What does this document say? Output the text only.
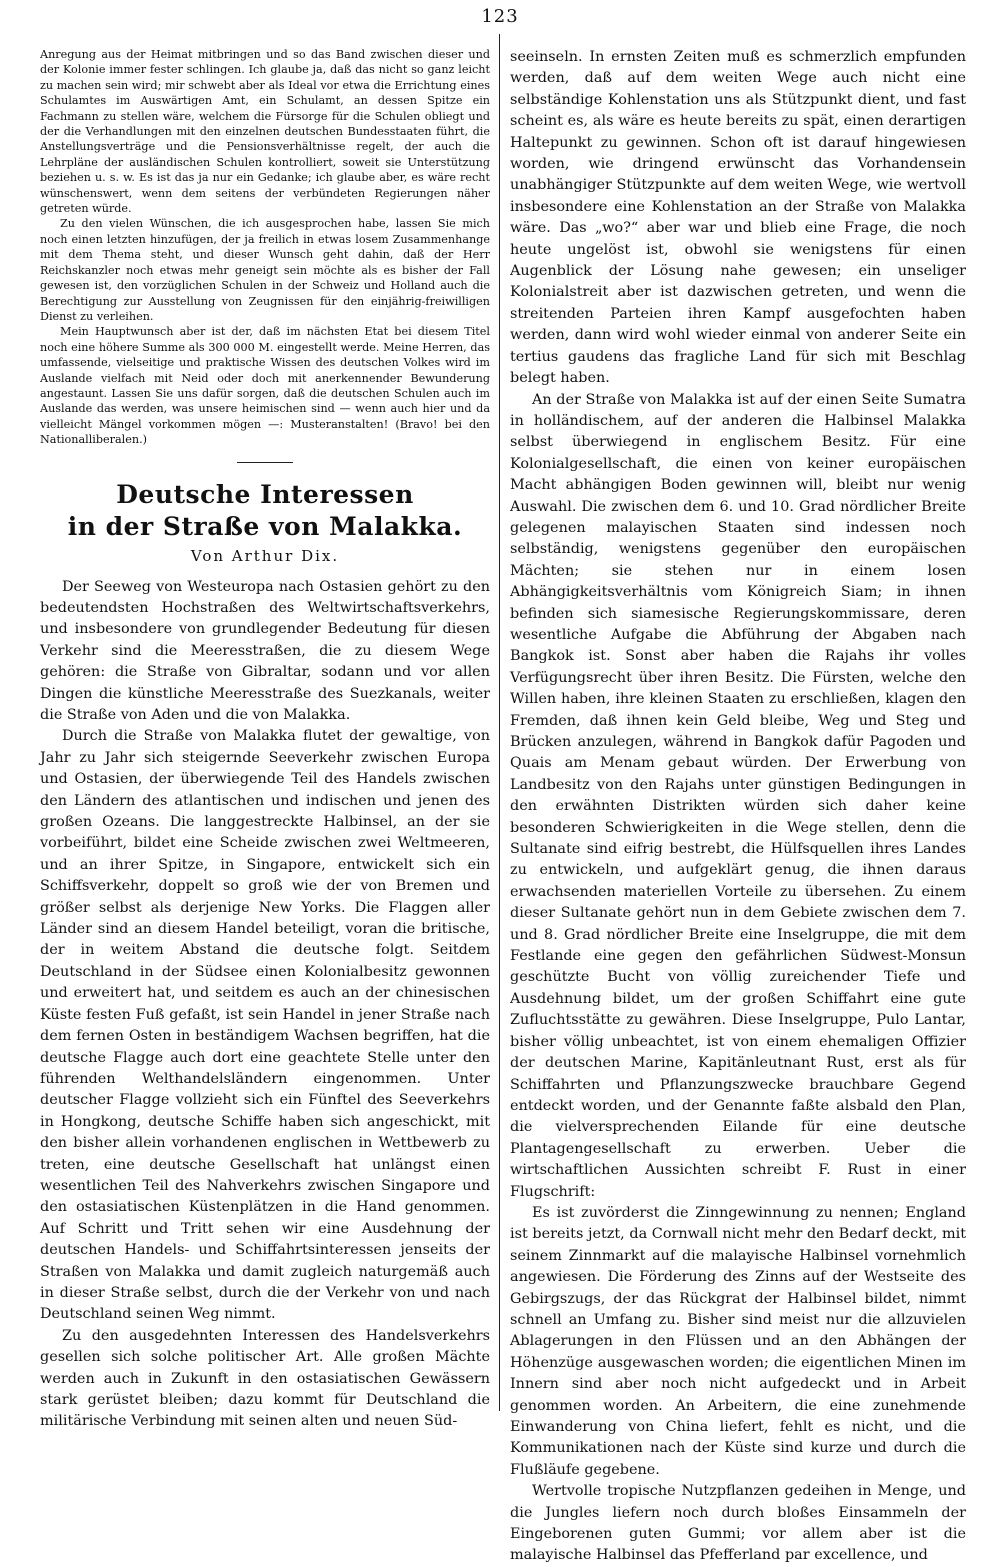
123

Anregung aus der Heimat mitbringen und so das Band zwischen dieser und der Kolonie immer fester schlingen. Ich glaube ja, daß das nicht so ganz leicht zu machen sein wird; mir schwebt aber als Ideal vor etwa die Errichtung eines Schulamtes im Auswärtigen Amt, ein Schulamt, an dessen Spitze ein Fachmann zu stellen wäre, welchem die Fürsorge für die Schulen obliegt und der die Verhandlungen mit den einzelnen deutschen Bundesstaaten führt, die Anstellungsverträge und die Pensionsverhältnisse regelt, der auch die Lehrpläne der ausländischen Schulen kontrolliert, soweit sie Unterstützung beziehen u. s. w. Es ist das ja nur ein Gedanke; ich glaube aber, es wäre recht wünschenswert, wenn dem seitens der verbündeten Regierungen näher getreten würde.

Zu den vielen Wünschen, die ich ausgesprochen habe, lassen Sie mich noch einen letzten hinzufügen, der ja freilich in etwas losem Zusammenhange mit dem Thema steht, und dieser Wunsch geht dahin, daß der Herr Reichskanzler noch etwas mehr geneigt sein möchte als es bisher der Fall gewesen ist, den vorzüglichen Schulen in der Schweiz und Holland auch die Berechtigung zur Ausstellung von Zeugnissen für den einjährig-freiwilligen Dienst zu verleihen.

Mein Hauptwunsch aber ist der, daß im nächsten Etat bei diesem Titel noch eine höhere Summe als 300 000 M. eingestellt werde. Meine Herren, das umfassende, vielseitige und praktische Wissen des deutschen Volkes wird im Auslande vielfach mit Neid oder doch mit anerkennender Bewunderung angestaunt. Lassen Sie uns dafür sorgen, daß die deutschen Schulen auch im Auslande das werden, was unsere heimischen sind — wenn auch hier und da vielleicht Mängel vorkommen mögen —: Musteranstalten! (Bravo! bei den Nationalliberalen.)

Deutsche Interessen

in der Straße von Malakka.

Von Arthur Dix.

Der Seeweg von Westeuropa nach Ostasien gehört zu den bedeutendsten Hochstraßen des Weltwirtschaftsverkehrs, und insbesondere von grundlegender Bedeutung für diesen Verkehr sind die Meeresstraßen, die zu diesem Wege gehören: die Straße von Gibraltar, sodann und vor allen Dingen die künstliche Meeresstraße des Suezkanals, weiter die Straße von Aden und die von Malakka.

Durch die Straße von Malakka flutet der gewaltige, von Jahr zu Jahr sich steigernde Seeverkehr zwischen Europa und Ostasien, der überwiegende Teil des Handels zwischen den Ländern des atlantischen und indischen und jenen des großen Ozeans. Die langgestreckte Halbinsel, an der sie vorbeiführt, bildet eine Scheide zwischen zwei Weltmeeren, und an ihrer Spitze, in Singapore, entwickelt sich ein Schiffsverkehr, doppelt so groß wie der von Bremen und größer selbst als derjenige New Yorks. Die Flaggen aller Länder sind an diesem Handel beteiligt, voran die britische, der in weitem Abstand die deutsche folgt. Seitdem Deutschland in der Südsee einen Kolonialbesitz gewonnen und erweitert hat, und seitdem es auch an der chinesischen Küste festen Fuß gefaßt, ist sein Handel in jener Straße nach dem fernen Osten in beständigem Wachsen begriffen, hat die deutsche Flagge auch dort eine geachtete Stelle unter den führenden Welthandelsländern eingenommen. Unter deutscher Flagge vollzieht sich ein Fünftel des Seeverkehrs in Hongkong, deutsche Schiffe haben sich angeschickt, mit den bisher allein vorhandenen englischen in Wettbewerb zu treten, eine deutsche Gesellschaft hat unlängst einen wesentlichen Teil des Nahverkehrs zwischen Singapore und den ostasiatischen Küstenplätzen in die Hand genommen. Auf Schritt und Tritt sehen wir eine Ausdehnung der deutschen Handels- und Schiffahrtsinteressen jenseits der Straßen von Malakka und damit zugleich naturgemäß auch in dieser Straße selbst, durch die der Verkehr von und nach Deutschland seinen Weg nimmt.

Zu den ausgedehnten Interessen des Handelsverkehrs gesellen sich solche politischer Art. Alle großen Mächte werden auch in Zukunft in den ostasiatischen Gewässern stark gerüstet bleiben; dazu kommt für Deutschland die militärische Verbindung mit seinen alten und neuen Süd-

seeinseln. In ernsten Zeiten muß es schmerzlich empfunden werden, daß auf dem weiten Wege auch nicht eine selbständige Kohlenstation uns als Stützpunkt dient, und fast scheint es, als wäre es heute bereits zu spät, einen derartigen Haltepunkt zu gewinnen. Schon oft ist darauf hingewiesen worden, wie dringend erwünscht das Vorhandensein unabhängiger Stützpunkte auf dem weiten Wege, wie wertvoll insbesondere eine Kohlenstation an der Straße von Malakka wäre. Das „wo?“ aber war und blieb eine Frage, die noch heute ungelöst ist, obwohl sie wenigstens für einen Augenblick der Lösung nahe gewesen; ein unseliger Kolonialstreit aber ist dazwischen getreten, und wenn die streitenden Parteien ihren Kampf ausgefochten haben werden, dann wird wohl wieder einmal von anderer Seite ein tertius gaudens das fragliche Land für sich mit Beschlag belegt haben.

An der Straße von Malakka ist auf der einen Seite Sumatra in holländischem, auf der anderen die Halbinsel Malakka selbst überwiegend in englischem Besitz. Für eine Kolonialgesellschaft, die einen von keiner europäischen Macht abhängigen Boden gewinnen will, bleibt nur wenig Auswahl. Die zwischen dem 6. und 10. Grad nördlicher Breite gelegenen malayischen Staaten sind indessen noch selbständig, wenigstens gegenüber den europäischen Mächten; sie stehen nur in einem losen Abhängigkeitsverhältnis vom Königreich Siam; in ihnen befinden sich siamesische Regierungskommissare, deren wesentliche Aufgabe die Abführung der Abgaben nach Bangkok ist. Sonst aber haben die Rajahs ihr volles Verfügungsrecht über ihren Besitz. Die Fürsten, welche den Willen haben, ihre kleinen Staaten zu erschließen, klagen den Fremden, daß ihnen kein Geld bleibe, Weg und Steg und Brücken anzulegen, während in Bangkok dafür Pagoden und Quais am Menam gebaut würden. Der Erwerbung von Landbesitz von den Rajahs unter günstigen Bedingungen in den erwähnten Distrikten würden sich daher keine besonderen Schwierigkeiten in die Wege stellen, denn die Sultanate sind eifrig bestrebt, die Hülfsquellen ihres Landes zu entwickeln, und aufgeklärt genug, die ihnen daraus erwachsenden materiellen Vorteile zu übersehen. Zu einem dieser Sultanate gehört nun in dem Gebiete zwischen dem 7. und 8. Grad nördlicher Breite eine Inselgruppe, die mit dem Festlande eine gegen den gefährlichen Südwest-Monsun geschützte Bucht von völlig zureichender Tiefe und Ausdehnung bildet, um der großen Schiffahrt eine gute Zufluchtsstätte zu gewähren. Diese Inselgruppe, Pulo Lantar, bisher völlig unbeachtet, ist von einem ehemaligen Offizier der deutschen Marine, Kapitänleutnant Rust, erst als für Schiffahrten und Pflanzungszwecke brauchbare Gegend entdeckt worden, und der Genannte faßte alsbald den Plan, die vielversprechenden Eilande für eine deutsche Plantagengesellschaft zu erwerben. Ueber die wirtschaftlichen Aussichten schreibt F. Rust in einer Flugschrift:

Es ist zuvörderst die Zinngewinnung zu nennen; England ist bereits jetzt, da Cornwall nicht mehr den Bedarf deckt, mit seinem Zinnmarkt auf die malayische Halbinsel vornehmlich angewiesen. Die Förderung des Zinns auf der Westseite des Gebirgszugs, der das Rückgrat der Halbinsel bildet, nimmt schnell an Umfang zu. Bisher sind meist nur die allzuvielen Ablagerungen in den Flüssen und an den Abhängen der Höhenzüge ausgewaschen worden; die eigentlichen Minen im Innern sind aber noch nicht aufgedeckt und in Arbeit genommen worden. An Arbeitern, die eine zunehmende Einwanderung von China liefert, fehlt es nicht, und die Kommunikationen nach der Küste sind kurze und durch die Flußläufe gegebene.

Wertvolle tropische Nutzpflanzen gedeihen in Menge, und die Jungles liefern noch durch bloßes Einsammeln der Eingeborenen guten Gummi; vor allem aber ist die malayische Halbinsel das Pfefferland par excellence, und
